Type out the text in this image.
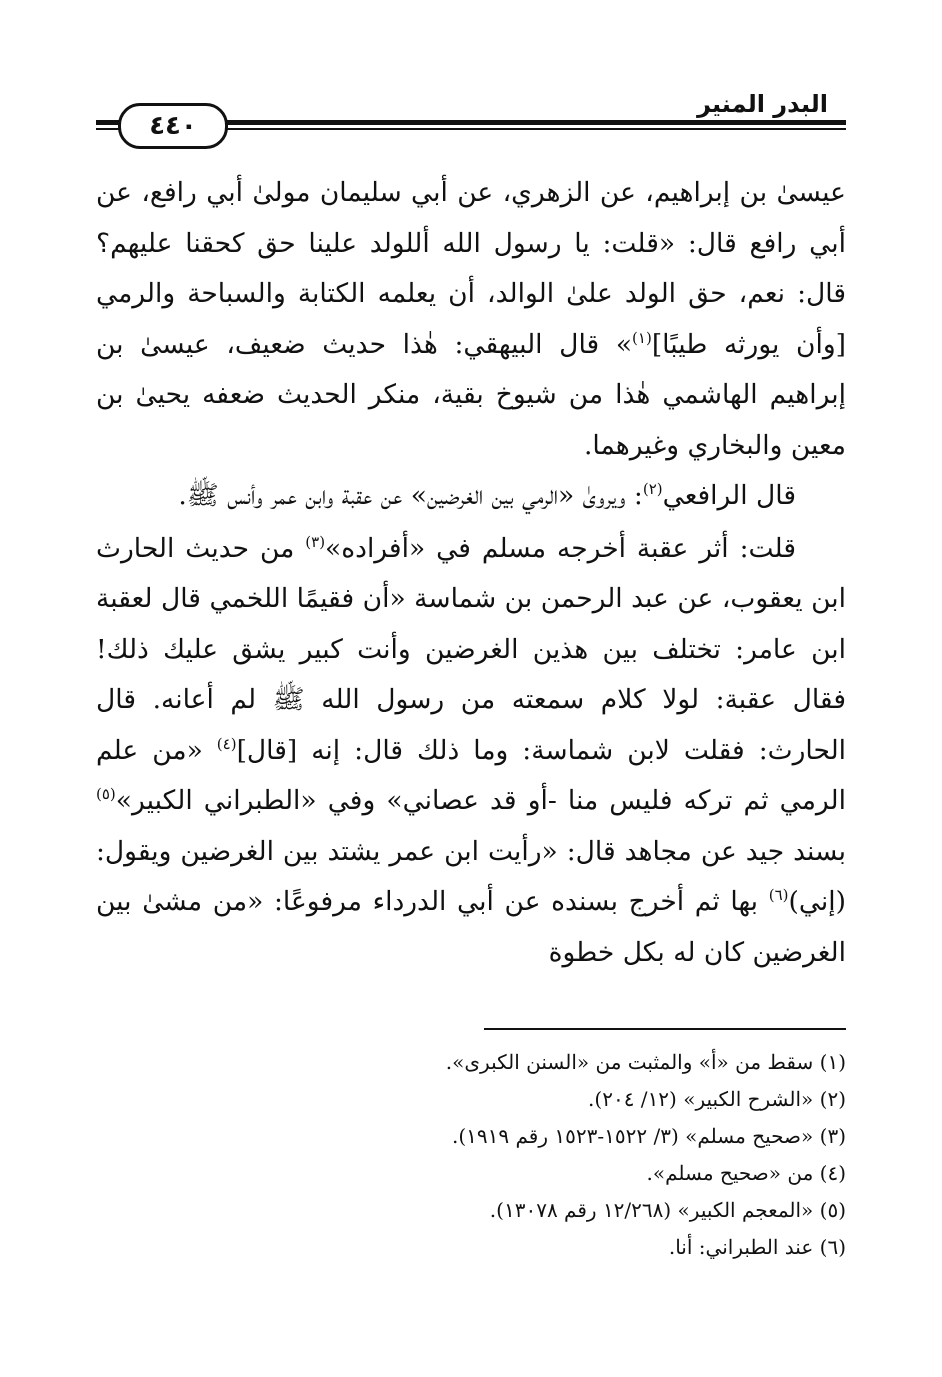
البدر المنير
٤٤٠

عيسىٰ بن إبراهيم، عن الزهري، عن أبي سليمان مولىٰ أبي رافع، عن أبي رافع قال: «قلت: يا رسول الله أللولد علينا حق كحقنا عليهم؟ قال: نعم، حق الولد علىٰ الوالد، أن يعلمه الكتابة والسباحة والرمي [وأن يورثه طيبًا]$^{(١)}$» قال البيهقي: هٰذا حديث ضعيف، عيسىٰ بن إبراهيم الهاشمي هٰذا من شيوخ بقية، منكر الحديث ضعفه يحيىٰ بن معين والبخاري وغيرهما.

قال الرافعي$^{(٢)}$: ويروىٰ «الرمي بين الغرضين» عن عقبة وابن عمر وأنس ﷺ.

قلت: أثر عقبة أخرجه مسلم في «أفراده»$^{(٣)}$ من حديث الحارث ابن يعقوب، عن عبد الرحمن بن شماسة «أن فقيمًا اللخمي قال لعقبة ابن عامر: تختلف بين هذين الغرضين وأنت كبير يشق عليك ذلك! فقال عقبة: لولا كلام سمعته من رسول الله ﷺ لم أعانه. قال الحارث: فقلت لابن شماسة: وما ذلك قال: إنه [قال]$^{(٤)}$ «من علم الرمي ثم تركه فليس منا -أو قد عصاني» وفي «الطبراني الكبير»$^{(٥)}$ بسند جيد عن مجاهد قال: «رأيت ابن عمر يشتد بين الغرضين ويقول: (إني)$^{(٦)}$ بها ثم أخرج بسنده عن أبي الدرداء مرفوعًا: «من مشىٰ بين الغرضين كان له بكل خطوة

(١) سقط من «أ» والمثبت من «السنن الكبرى».

(٢) «الشرح الكبير» (١٢/ ٢٠٤).

(٣) «صحيح مسلم» (٣/ ١٥٢٢-١٥٢٣ رقم ١٩١٩).

(٤) من «صحيح مسلم».

(٥) «المعجم الكبير» (١٢/٢٦٨ رقم ١٣٠٧٨).

(٦) عند الطبراني: أنا.
